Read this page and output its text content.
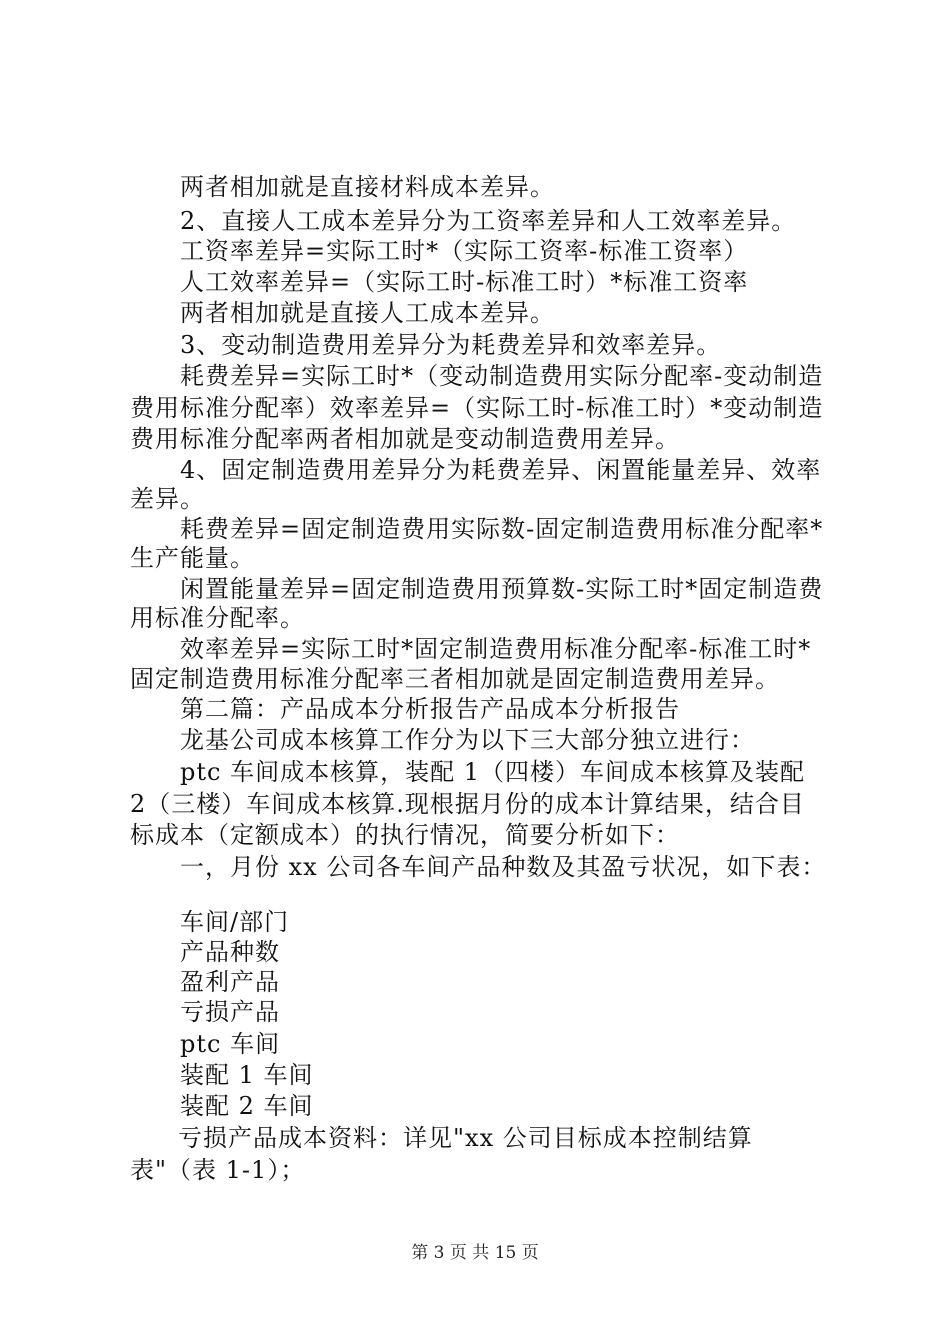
两者相加就是直接材料成本差异。
2、直接人工成本差异分为工资率差异和人工效率差异。
工资率差异=实际工时*（实际工资率-标准工资率）
人工效率差异=（实际工时-标准工时）*标准工资率
两者相加就是直接人工成本差异。
3、变动制造费用差异分为耗费差异和效率差异。
耗费差异=实际工时*（变动制造费用实际分配率-变动制造
费用标准分配率）效率差异=（实际工时-标准工时）*变动制造
费用标准分配率两者相加就是变动制造费用差异。
4、固定制造费用差异分为耗费差异、闲置能量差异、效率
差异。
耗费差异=固定制造费用实际数-固定制造费用标准分配率*
生产能量。
闲置能量差异=固定制造费用预算数-实际工时*固定制造费
用标准分配率。
效率差异=实际工时*固定制造费用标准分配率-标准工时*
固定制造费用标准分配率三者相加就是固定制造费用差异。
第二篇：产品成本分析报告产品成本分析报告
龙基公司成本核算工作分为以下三大部分独立进行：
ptc 车间成本核算，装配 1（四楼）车间成本核算及装配
2（三楼）车间成本核算.现根据月份的成本计算结果，结合目
标成本（定额成本）的执行情况，简要分析如下：
一，月份 xx 公司各车间产品种数及其盈亏状况，如下表：
车间/部门
产品种数
盈利产品
亏损产品
ptc 车间
装配 1 车间
装配 2 车间
亏损产品成本资料：详见"xx 公司目标成本控制结算
表"（表 1-1）；
第 3 页 共 15 页
